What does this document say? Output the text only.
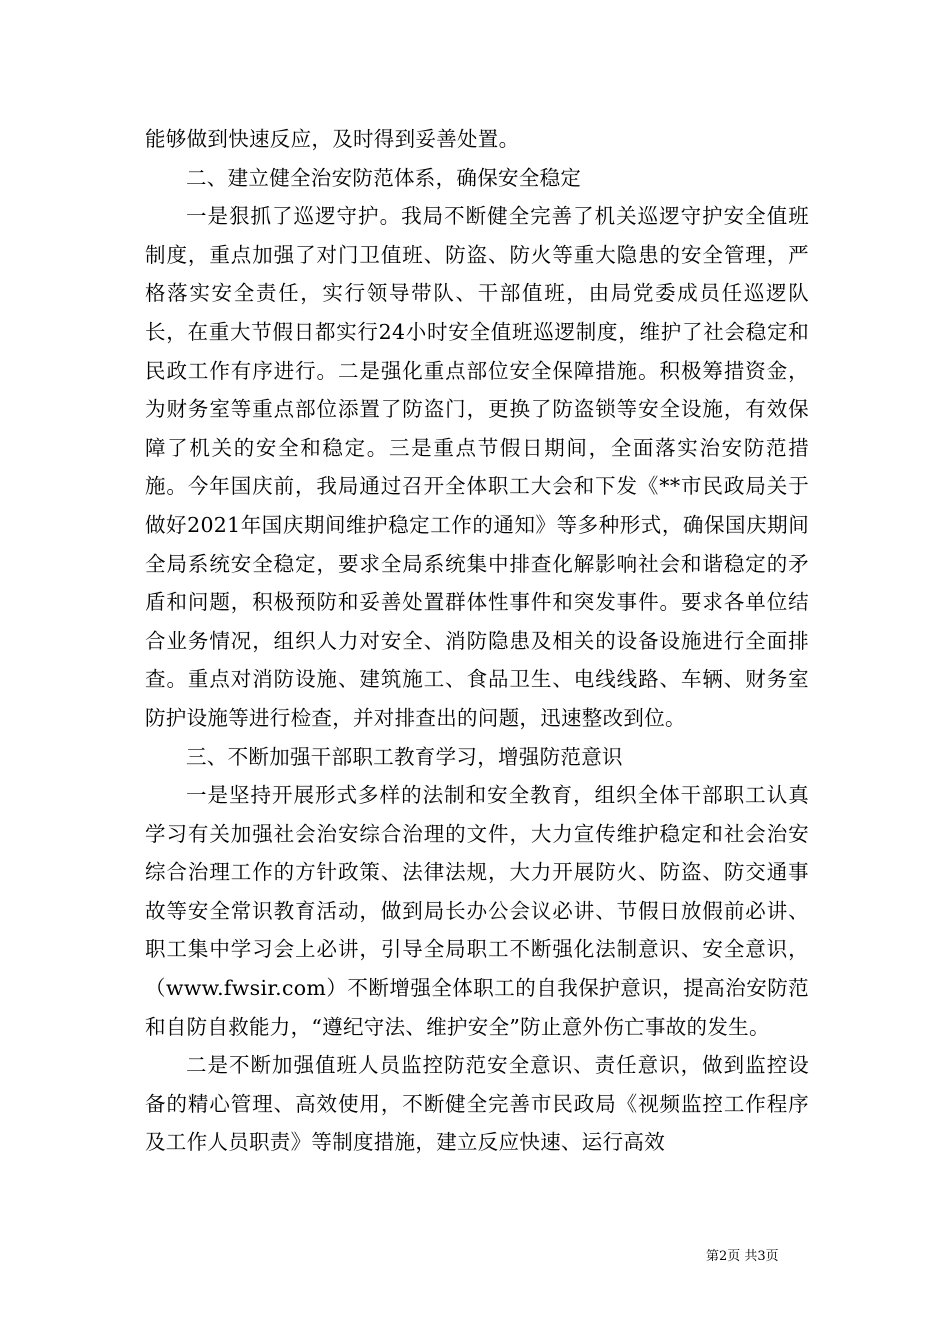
能够做到快速反应，及时得到妥善处置。

二、建立健全治安防范体系，确保安全稳定

一是狠抓了巡逻守护。我局不断健全完善了机关巡逻守护安全值班制度，重点加强了对门卫值班、防盗、防火等重大隐患的安全管理，严格落实安全责任，实行领导带队、干部值班，由局党委成员任巡逻队长，在重大节假日都实行24小时安全值班巡逻制度，维护了社会稳定和民政工作有序进行。二是强化重点部位安全保障措施。积极筹措资金，为财务室等重点部位添置了防盗门，更换了防盗锁等安全设施，有效保障了机关的安全和稳定。三是重点节假日期间，全面落实治安防范措施。今年国庆前，我局通过召开全体职工大会和下发《**市民政局关于做好2021年国庆期间维护稳定工作的通知》等多种形式，确保国庆期间全局系统安全稳定，要求全局系统集中排查化解影响社会和谐稳定的矛盾和问题，积极预防和妥善处置群体性事件和突发事件。要求各单位结合业务情况，组织人力对安全、消防隐患及相关的设备设施进行全面排查。重点对消防设施、建筑施工、食品卫生、电线线路、车辆、财务室防护设施等进行检查，并对排查出的问题，迅速整改到位。

三、不断加强干部职工教育学习，增强防范意识

一是坚持开展形式多样的法制和安全教育，组织全体干部职工认真学习有关加强社会治安综合治理的文件，大力宣传维护稳定和社会治安综合治理工作的方针政策、法律法规，大力开展防火、防盗、防交通事故等安全常识教育活动，做到局长办公会议必讲、节假日放假前必讲、职工集中学习会上必讲，引导全局职工不断强化法制意识、安全意识，（www.fwsir.com）不断增强全体职工的自我保护意识，提高治安防范和自防自救能力，“遵纪守法、维护安全”防止意外伤亡事故的发生。

二是不断加强值班人员监控防范安全意识、责任意识，做到监控设备的精心管理、高效使用，不断健全完善市民政局《视频监控工作程序及工作人员职责》等制度措施，建立反应快速、运行高效

第2页 共3页
